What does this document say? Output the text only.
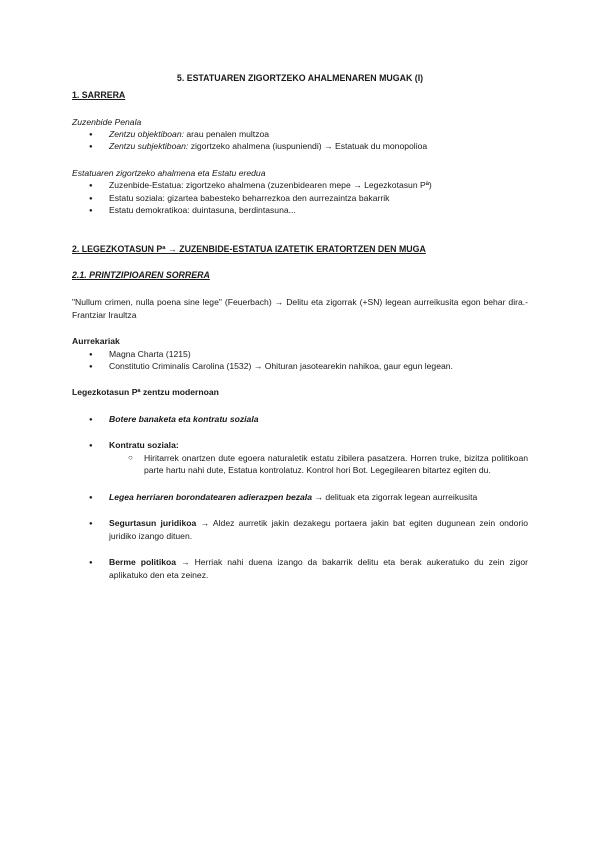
5. ESTATUAREN ZIGORTZEKO AHALMENAREN MUGAK (I)

1. SARRERA

Zuzenbide Penala

● Zentzu objektiboan: arau penalen multzoa
● Zentzu subjektiboan: zigortzeko ahalmena (iuspuniendi) → Estatuak du monopolioa

Estatuaren zigortzeko ahalmena eta Estatu eredua

● Zuzenbide-Estatua: zigortzeko ahalmena (zuzenbidearen mepe → Legezkotasun Pª)
● Estatu soziala: gizartea babesteko beharrezkoa den aurrezaintza bakarrik
● Estatu demokratikoa: duintasuna, berdintasuna...

2. LEGEZKOTASUN Pª → ZUZENBIDE-ESTATUA IZATETIK ERATORTZEN DEN MUGA

2.1. PRINTZIPIOAREN SORRERA

"Nullum crimen, nulla poena sine lege" (Feuerbach) → Delitu eta zigorrak (+SN) legean aurreikusita egon behar dira.- Frantziar Iraultza

Aurrekariak

● Magna Charta (1215)
● Constitutio Criminalis Carolina (1532) → Ohituran jasotearekin nahikoa, gaur egun legean.

Legezkotasun Pª zentzu modernoan

● Botere banaketa eta kontratu soziala
● Kontratu soziala:
○ Hiritarrek onartzen dute egoera naturaletik estatu zibilera pasatzera. Horren truke, bizitza politikoan parte hartu nahi dute, Estatua kontrolatuz. Kontrol hori Bot. Legegilearen bitartez egiten du.
● Legea herriaren borondatearen adierazpen bezala → delituak eta zigorrak legean aurreikusita
● Segurtasun juridikoa → Aldez aurretik jakin dezakegu portaera jakin bat egiten dugunean zein ondorio juridiko izango dituen.
● Berme politikoa → Herriak nahi duena izango da bakarrik delitu eta berak aukeratuko du zein zigor aplikatuko den eta zeinez.
